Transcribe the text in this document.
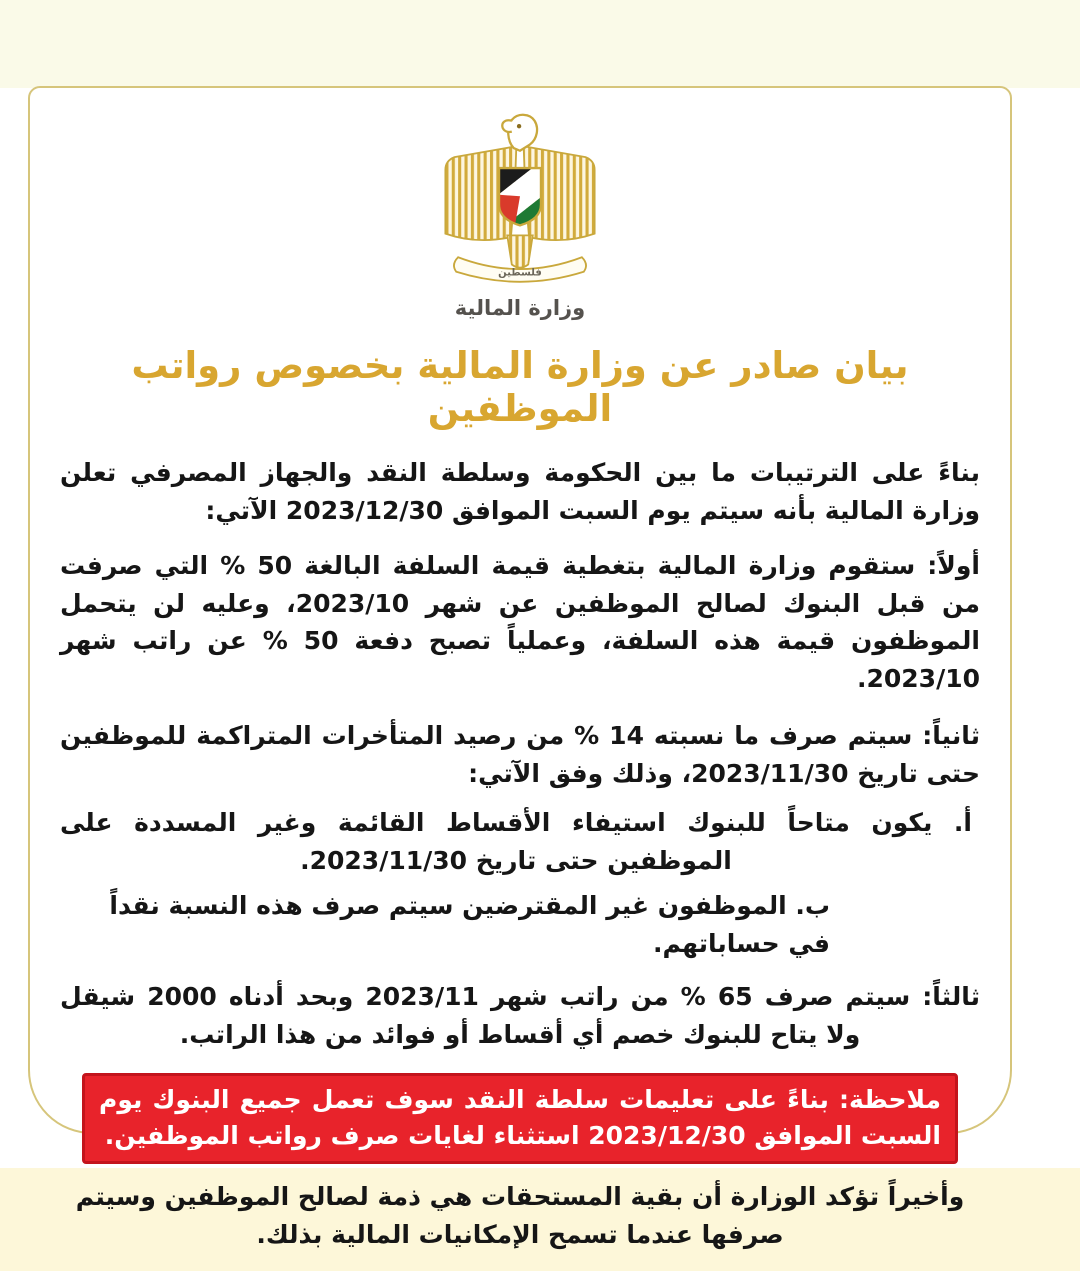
فلسطين
وزارة المالية
بيان صادر عن وزارة المالية بخصوص رواتب الموظفين

بناءً على الترتيبات ما بين الحكومة وسلطة النقد والجهاز المصرفي تعلن وزارة المالية بأنه سيتم يوم السبت الموافق 2023/12/30 الآتي:

أولاً: ستقوم وزارة المالية بتغطية قيمة السلفة البالغة 50 % التي صرفت من قبل البنوك لصالح الموظفين عن شهر 2023/10، وعليه لن يتحمل الموظفون قيمة هذه السلفة، وعملياً تصبح دفعة 50 % عن راتب شهر 2023/10.

ثانياً: سيتم صرف ما نسبته 14 % من رصيد المتأخرات المتراكمة للموظفين حتى تاريخ 2023/11/30، وذلك وفق الآتي:

أ. يكون متاحاً للبنوك استيفاء الأقساط القائمة وغير المسددة على الموظفين حتى تاريخ 2023/11/30.

ب. الموظفون غير المقترضين سيتم صرف هذه النسبة نقداً في حساباتهم.

ثالثاً: سيتم صرف 65 % من راتب شهر 2023/11 وبحد أدناه 2000 شيقل ولا يتاح للبنوك خصم أي أقساط أو فوائد من هذا الراتب.

ملاحظة: بناءً على تعليمات سلطة النقد سوف تعمل جميع البنوك يوم السبت الموافق 2023/12/30 استثناء لغايات صرف رواتب الموظفين.

وأخيراً تؤكد الوزارة أن بقية المستحقات هي ذمة لصالح الموظفين وسيتم صرفها عندما تسمح الإمكانيات المالية بذلك.
